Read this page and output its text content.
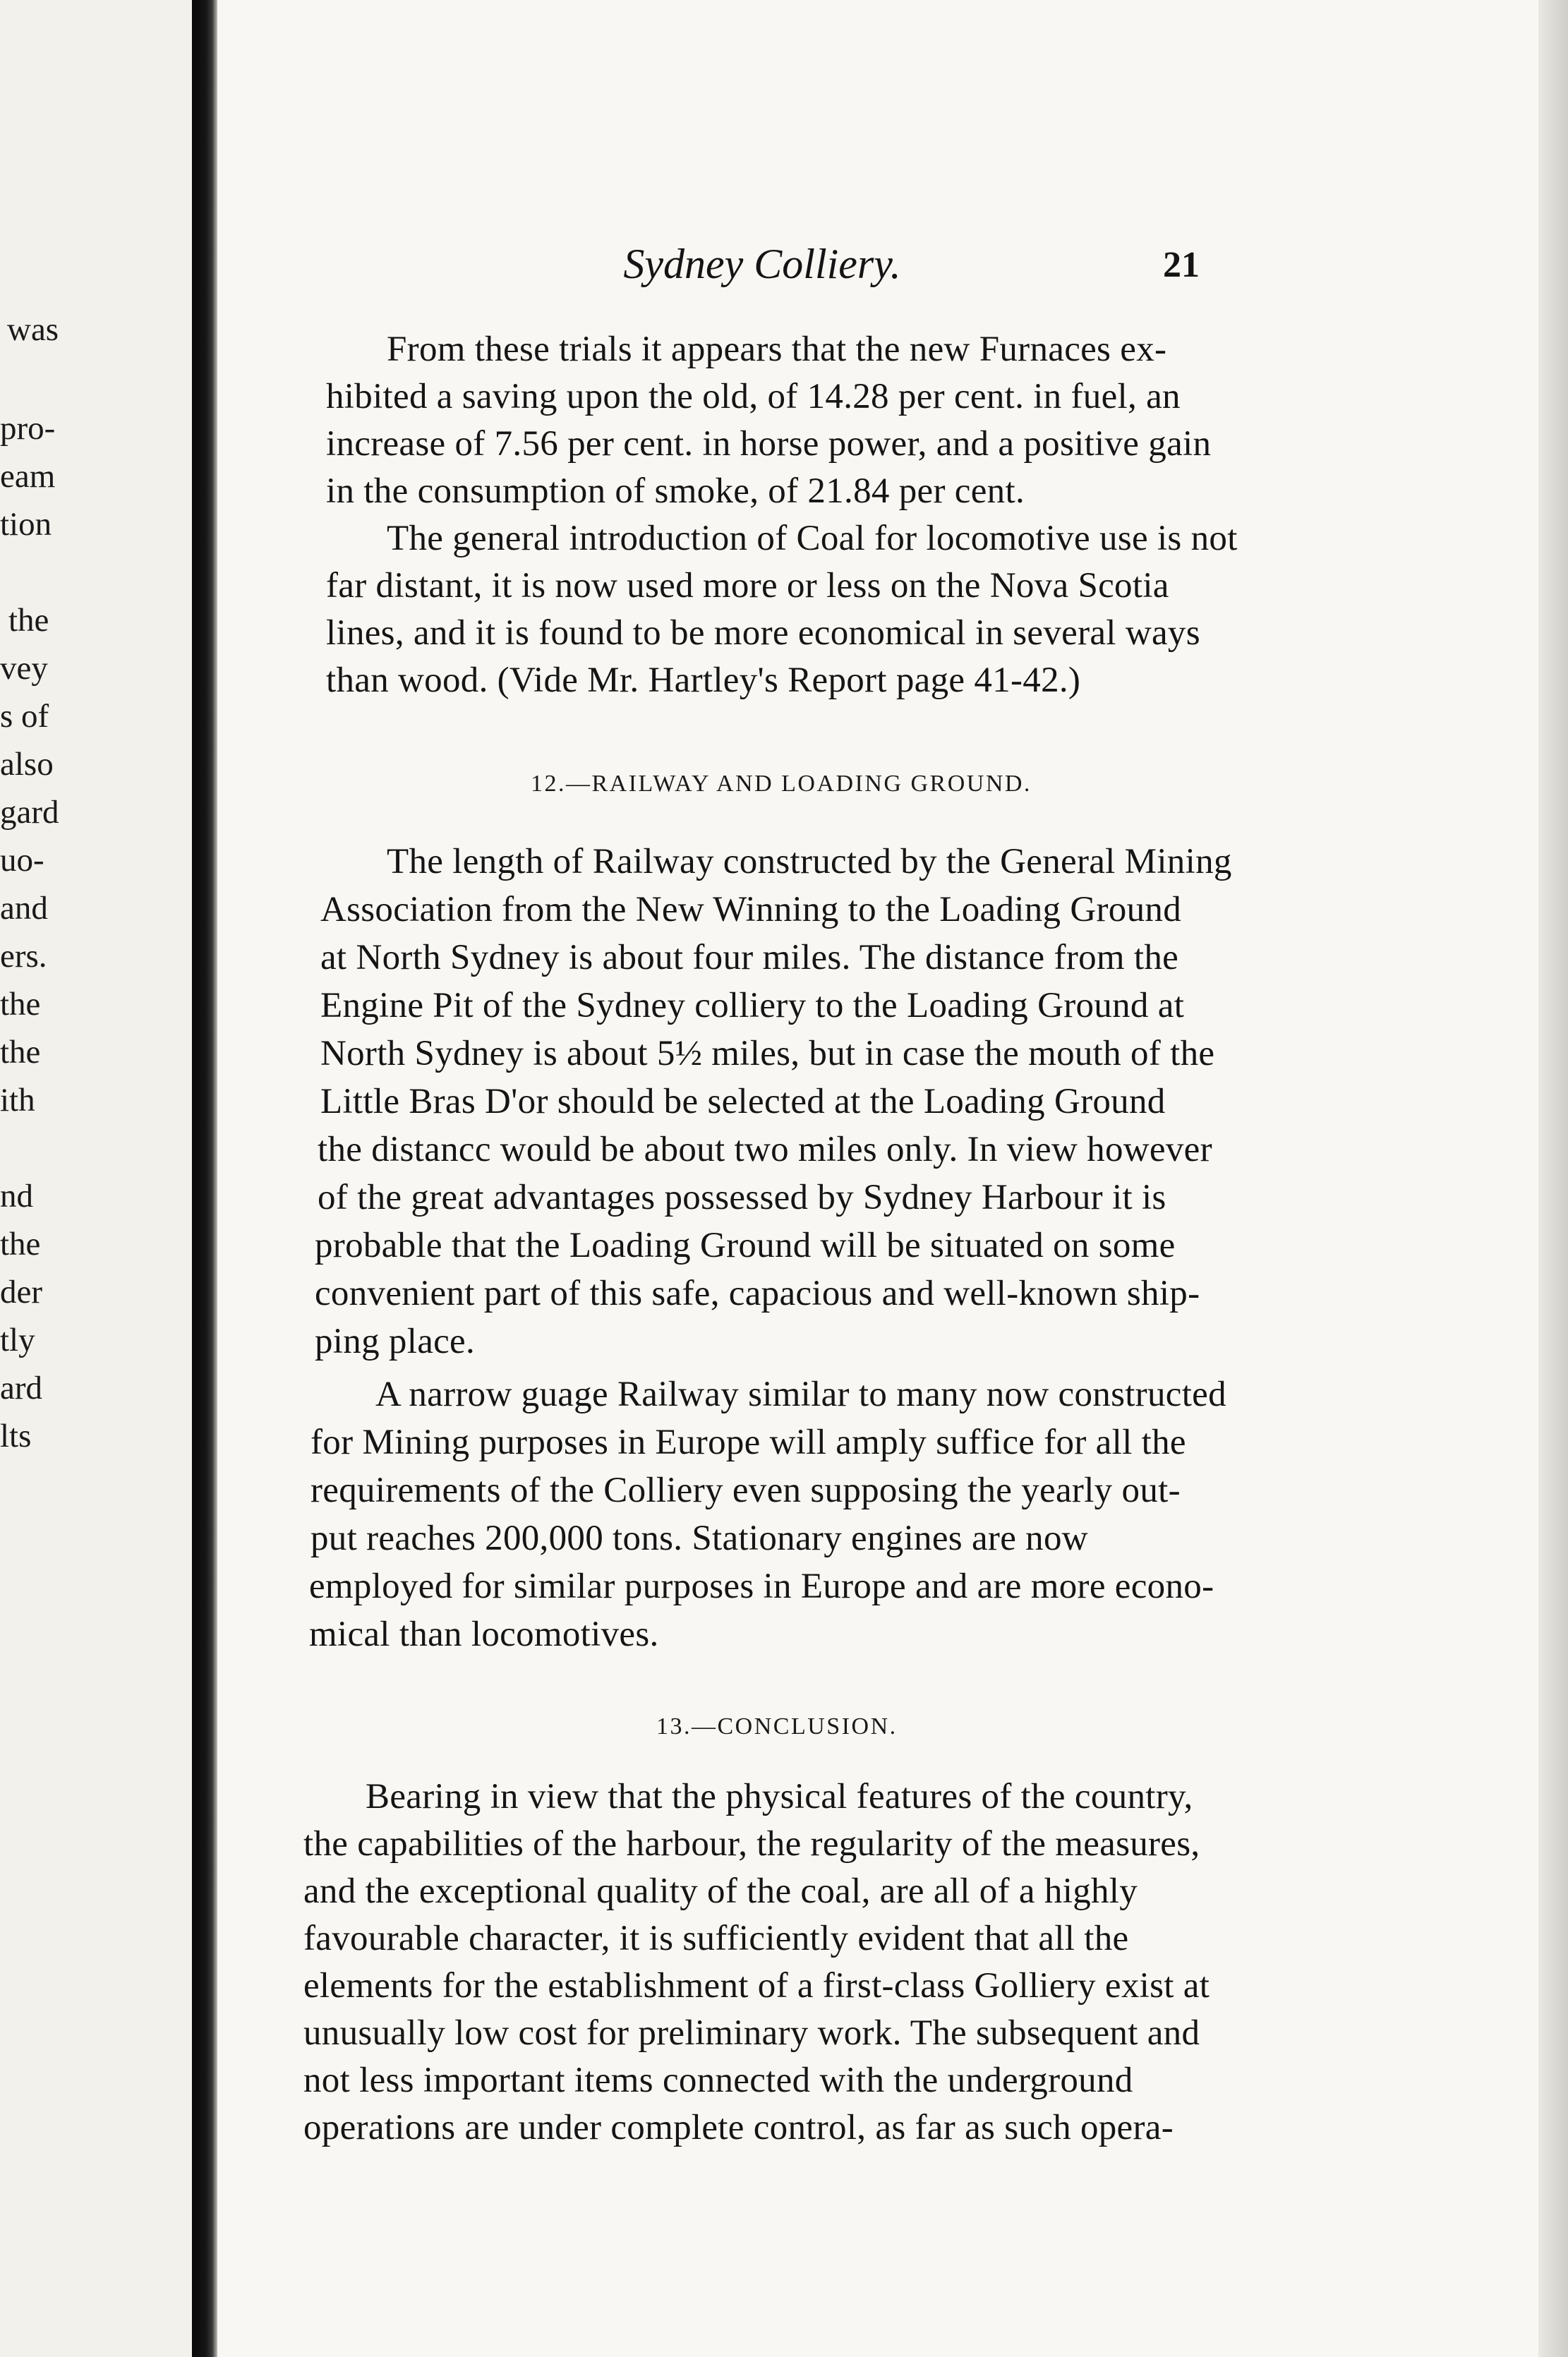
was
pro-
eam
tion
the
vey
s of
also
gard
uo-
and
ers.
the
the
ith
nd
the
der
tly
ard
lts
Sydney Colliery.	21
From these trials it appears that the new Furnaces ex-
hibited a saving upon the old, of 14.28 per cent. in fuel, an
increase of 7.56 per cent. in horse power, and a positive gain
in the consumption of smoke, of 21.84 per cent.
The general introduction of Coal for locomotive use is not
far distant, it is now used more or less on the Nova Scotia
lines, and it is found to be more economical in several ways
than wood. (Vide Mr. Hartley's Report page 41-42.)
12.—RAILWAY AND LOADING GROUND.
The length of Railway constructed by the General Mining
Association from the New Winning to the Loading Ground
at North Sydney is about four miles. The distance from the
Engine Pit of the Sydney colliery to the Loading Ground at
North Sydney is about 5½ miles, but in case the mouth of the
Little Bras D'or should be selected at the Loading Ground
the distancc would be about two miles only. In view however
of the great advantages possessed by Sydney Harbour it is
probable that the Loading Ground will be situated on some
convenient part of this safe, capacious and well-known ship-
ping place.
A narrow guage Railway similar to many now constructed
for Mining purposes in Europe will amply suffice for all the
requirements of the Colliery even supposing the yearly out-
put reaches 200,000 tons. Stationary engines are now
employed for similar purposes in Europe and are more econo-
mical than locomotives.
13.—CONCLUSION.
Bearing in view that the physical features of the country,
the capabilities of the harbour, the regularity of the measures,
and the exceptional quality of the coal, are all of a highly
favourable character, it is sufficiently evident that all the
elements for the establishment of a first-class Golliery exist at
unusually low cost for preliminary work. The subsequent and
not less important items connected with the underground
operations are under complete control, as far as such opera-
